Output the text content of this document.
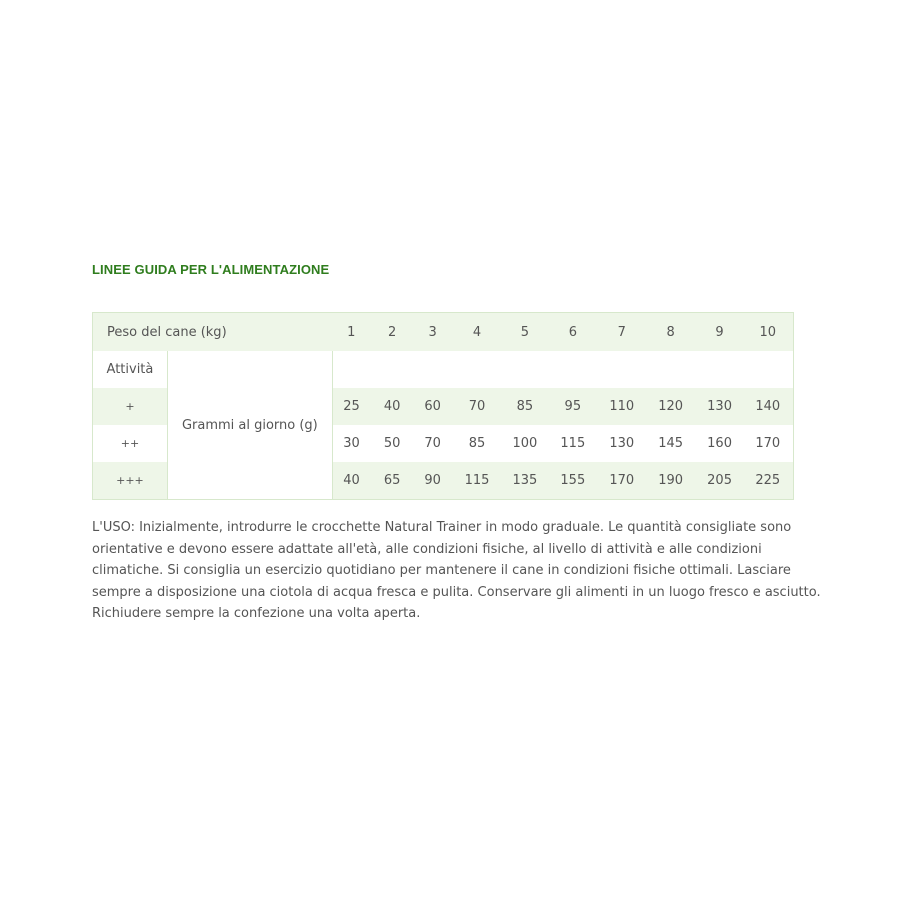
LINEE GUIDA PER L'ALIMENTAZIONE
Peso del cane (kg)		1	2	3	4	5	6	7	8	9	10
Attività	Grammi al giorno (g)										
+		25	40	60	70	85	95	110	120	130	140
++		30	50	70	85	100	115	130	145	160	170
+++		40	65	90	115	135	155	170	190	205	225

L'USO: Inizialmente, introdurre le crocchette Natural Trainer in modo graduale. Le quantità consigliate sono orientative e devono essere adattate all'età, alle condizioni fisiche, al livello di attività e alle condizioni climatiche. Si consiglia un esercizio quotidiano per mantenere il cane in condizioni fisiche ottimali. Lasciare sempre a disposizione una ciotola di acqua fresca e pulita. Conservare gli alimenti in un luogo fresco e asciutto. Richiudere sempre la confezione una volta aperta.
